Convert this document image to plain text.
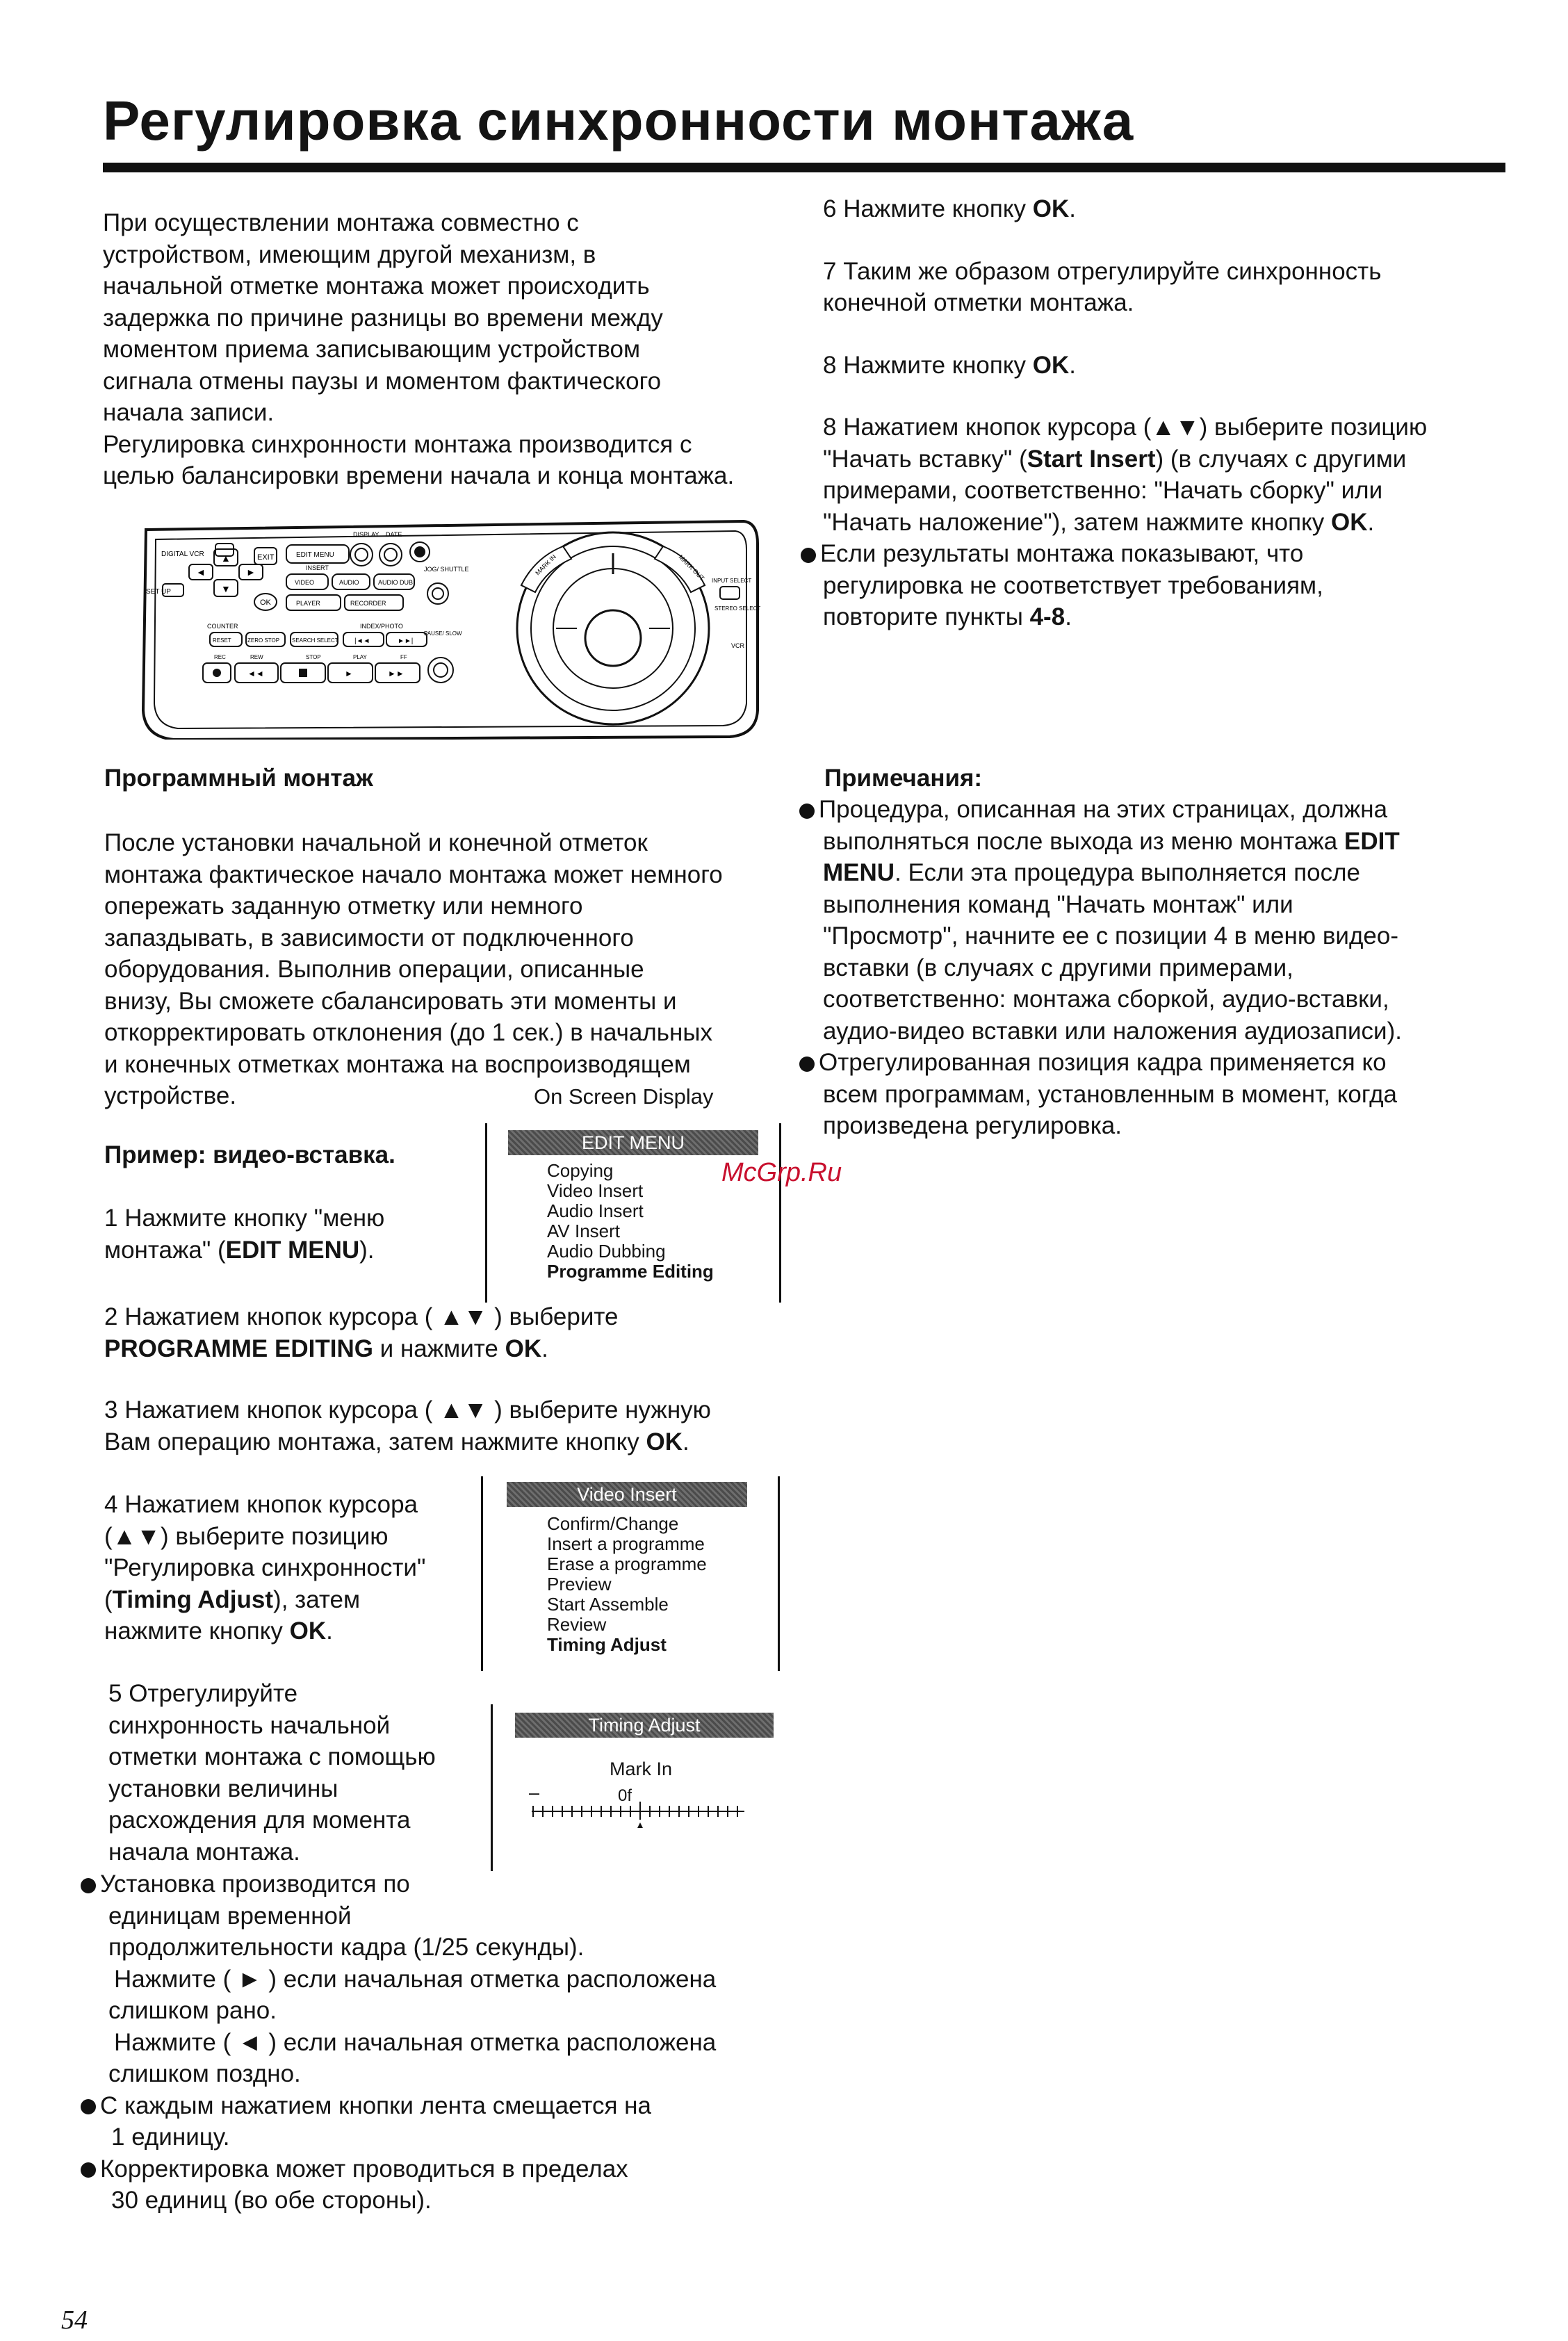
Регулировка синхронности монтажа
При осуществлении монтажа совместно с
устройством, имеющим другой механизм, в
начальной отметке монтажа может происходить
задержка по причине разницы во времени между
моментом приема записывающим устройством
сигнала отмены паузы и моментом фактического
начала записи.
Регулировка синхронности монтажа производится с
целью балансировки времени начала и конца монтажа.
DIGITAL VCR
◄
▲
►
▼
SET UP
EXIT
OK
EDIT MENU
INSERT
VIDEO	AUDIO	AUDIO DUB
DISPLAY DATE
JOG/ SHUTTLE
PLAYER	RECORDER
COUNTER	INDEX/PHOTO
RESET	ZERO STOP SEARCH SELECT |◄◄	►►|
REC	REW	STOP	PLAY	FF
◄◄	►	►►
PAUSE/ SLOW
MARK IN	MARK OUT INPUT SELECT
STEREO SELECT
VCR
Программный монтаж
После установки начальной и конечной отметок
монтажа фактическое начало монтажа может немного
опережать заданную отметку или немного
запаздывать, в зависимости от подключенного
оборудования. Выполнив операции, описанные
внизу, Вы сможете сбалансировать эти моменты и
откорректировать отклонения (до 1 сек.) в начальных
и конечных отметках монтажа на воспроизводящем
устройстве.	On Screen Display
Пример: видео-вставка.
1 Нажмите кнопку "меню
монтажа" (EDIT MENU).
EDIT MENU
Copying
Video Insert
Audio Insert
AV Insert
Audio Dubbing
Programme Editing
2 Нажатием кнопок курсора ( ▲▼ ) выберите
PROGRAMME EDITING и нажмите OK.
3 Нажатием кнопок курсора ( ▲▼ ) выберите нужную
Вам операцию монтажа, затем нажмите кнопку OK.
4 Нажатием кнопок курсора
(▲▼) выберите позицию
"Регулировка синхронности"
(Timing Adjust), затем
нажмите кнопку OK.
Video Insert
Confirm/Change
Insert a programme
Erase a programme
Preview
Start Assemble
Review
Timing Adjust
5 Отрегулируйте
синхронность начальной
отметки монтажа с помощью
установки величины
расхождения для момента
начала монтажа.
Timing Adjust
Mark In
–	0f
Установка производится по
единицам временной
продолжительности кадра (1/25 секунды).
Нажмите ( ► ) если начальная отметка расположена
слишком рано.
Нажмите ( ◄ ) если начальная отметка расположена
слишком поздно.
С каждым нажатием кнопки лента смещается на
1 единицу.
Корректировка может проводиться в пределах
30 единиц (во обе стороны).
6 Нажмите кнопку OK.
7 Таким же образом отрегулируйте синхронность
конечной отметки монтажа.
8 Нажмите кнопку OK.
8 Нажатием кнопок курсора (▲▼) выберите позицию
"Начать вставку" (Start Insert) (в случаях с другими
примерами, соответственно: "Начать сборку" или
"Начать наложение"), затем нажмите кнопку OK.
Если результаты монтажа показывают, что
регулировка не соответствует требованиям,
повторите пункты 4-8.
Примечания:
Процедура, описанная на этих страницах, должна
выполняться после выхода из меню монтажа EDIT
MENU. Если эта процедура выполняется после
выполнения команд "Начать монтаж" или
"Просмотр", начните ее с позиции 4 в меню видео-
вставки (в случаях с другими примерами,
соответственно: монтажа сборкой, аудио-вставки,
аудио-видео вставки или наложения аудиозаписи).
Отрегулированная позиция кадра применяется ко
всем программам, установленным в момент, когда
произведена регулировка.
McGrp.Ru
54
